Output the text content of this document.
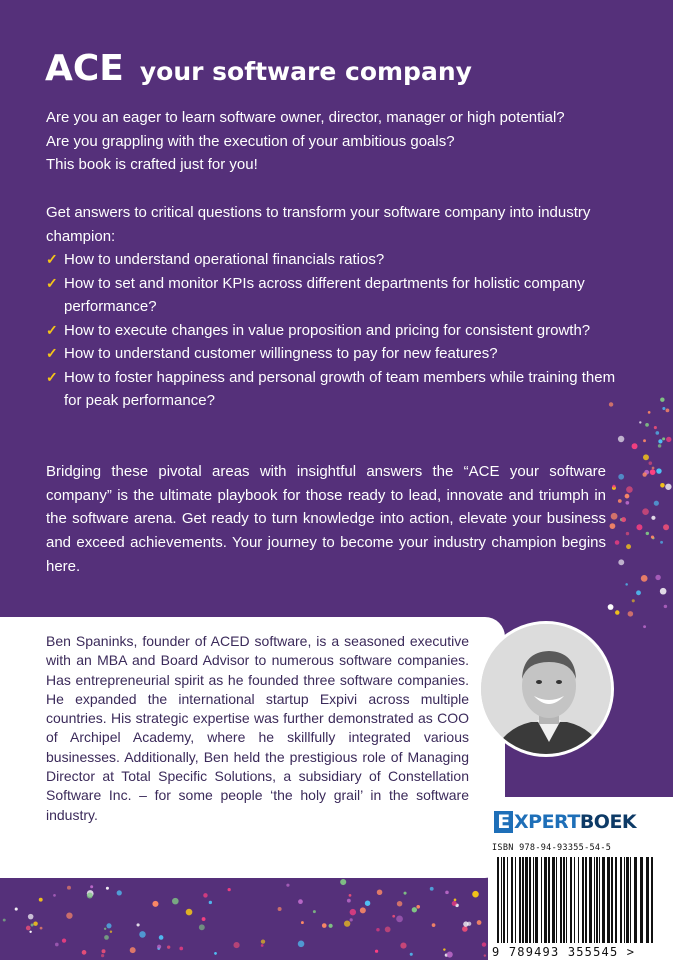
ACE your software company
Are you an eager to learn software owner, director, manager or high potential?
Are you grappling with the execution of your ambitious goals?
This book is crafted just for you!
Get answers to critical questions to transform your software company into industry champion:
✓ How to understand operational financials ratios?
✓ How to set and monitor KPIs across different departments for holistic company performance?
✓ How to execute changes in value proposition and pricing for consistent growth?
✓ How to understand customer willingness to pay for new features?
✓ How to foster happiness and personal growth of team members while training them for peak performance?

Bridging these pivotal areas with insightful answers the “ACE your software company” is the ultimate playbook for those ready to lead, innovate and triumph in the software arena. Get ready to turn knowledge into action, elevate your business and exceed achievements. Your journey to become your industry champion begins here.

Ben Spaninks, founder of ACED software, is a seasoned executive with an MBA and Board Advisor to numerous software companies. Has entrepreneurial spirit as he founded three software companies. He expanded the international startup Expivi across multiple countries. His strategic expertise was further demonstrated as COO of Archipel Academy, where he skillfully integrated various businesses. Additionally, Ben held the prestigious role of Managing Director at Total Specific Solutions, a subsidiary of Constellation Software Inc. – for some people ‘the holy grail’ in the software industry.	E XPERTBOEK
ISBN 978-94-93355-54-5
9 789493 355545 >
